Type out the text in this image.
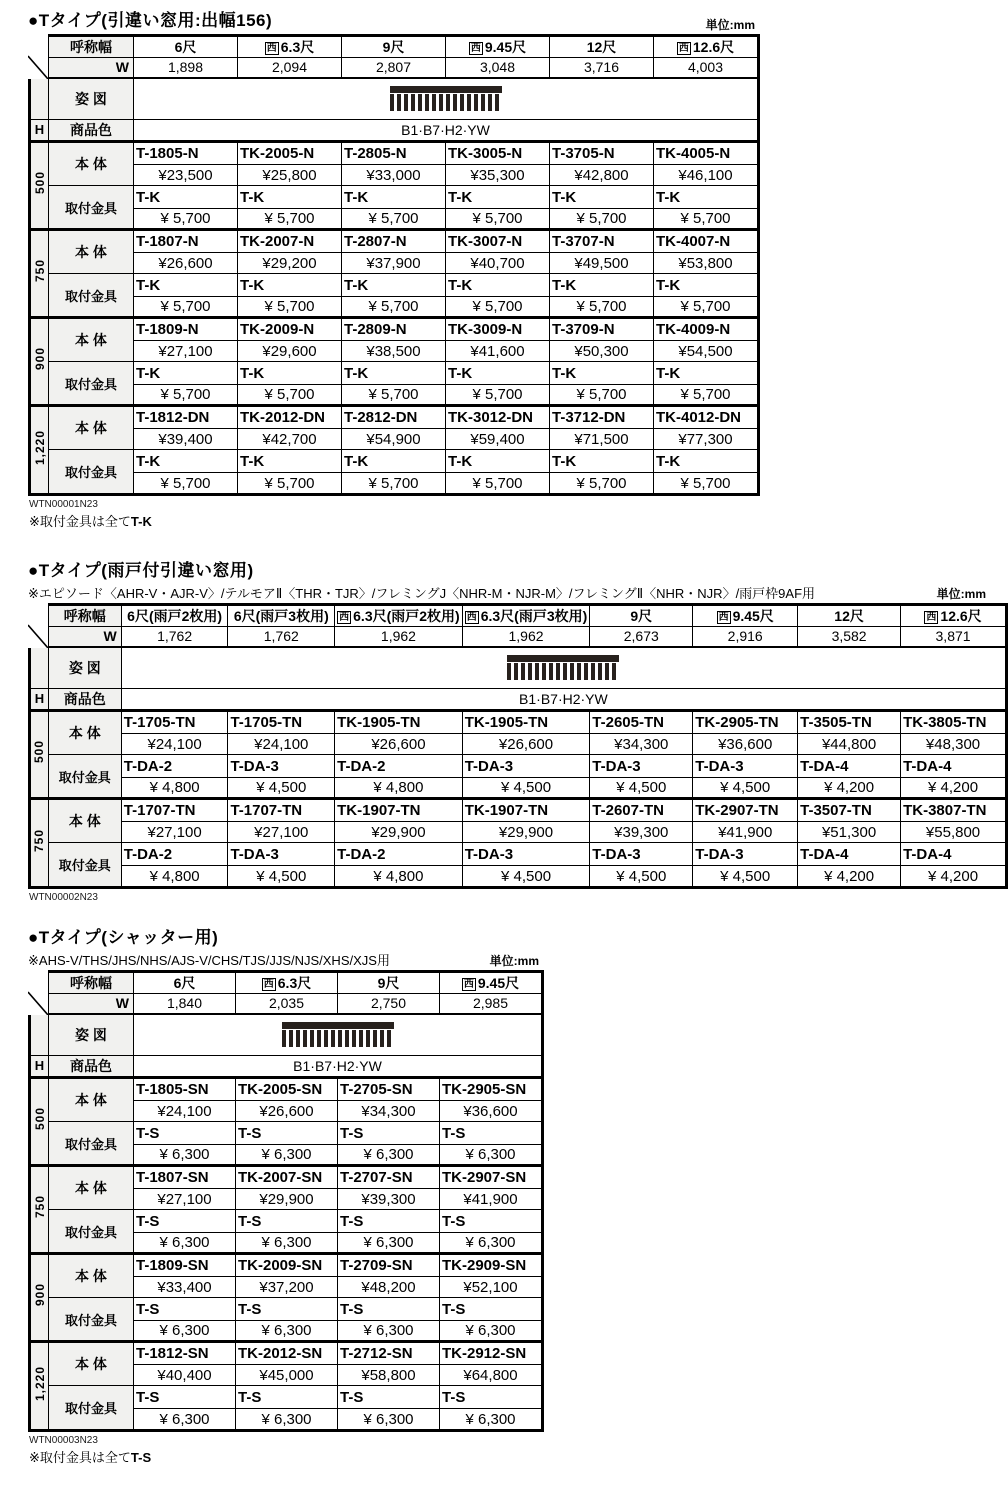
●Tタイプ(引違い窓用:出幅156)	単位:mm
	呼称幅	6尺	西 6.3尺	9尺	西 9.45尺	12尺	西 12.6尺
	W	1,898	2,094	2,807	3,048	3,716	4,003
	姿 図						

H	商品色	B1·B7·H2·YW					
500	本 体	T-1805-N	TK-2005-N	T-2805-N	TK-3005-N	T-3705-N	TK-4005-N
		¥23,500	¥25,800	¥33,000	¥35,300	¥42,800	¥46,100
	取付金具	T-K	T-K	T-K	T-K	T-K	T-K
		¥ 5,700	¥ 5,700	¥ 5,700	¥ 5,700	¥ 5,700	¥ 5,700
750	本 体	T-1807-N	TK-2007-N	T-2807-N	TK-3007-N	T-3707-N	TK-4007-N
		¥26,600	¥29,200	¥37,900	¥40,700	¥49,500	¥53,800
	取付金具	T-K	T-K	T-K	T-K	T-K	T-K
		¥ 5,700	¥ 5,700	¥ 5,700	¥ 5,700	¥ 5,700	¥ 5,700
900	本 体	T-1809-N	TK-2009-N	T-2809-N	TK-3009-N	T-3709-N	TK-4009-N
		¥27,100	¥29,600	¥38,500	¥41,600	¥50,300	¥54,500
	取付金具	T-K	T-K	T-K	T-K	T-K	T-K
		¥ 5,700	¥ 5,700	¥ 5,700	¥ 5,700	¥ 5,700	¥ 5,700
1,220	本 体	T-1812-DN	TK-2012-DN	T-2812-DN	TK-3012-DN	T-3712-DN	TK-4012-DN
		¥39,400	¥42,700	¥54,900	¥59,400	¥71,500	¥77,300
	取付金具	T-K	T-K	T-K	T-K	T-K	T-K
		¥ 5,700	¥ 5,700	¥ 5,700	¥ 5,700	¥ 5,700	¥ 5,700
WTN00001N23
※取付金具は全てT-K
●Tタイプ(雨戸付引違い窓用)
※エピソード〈AHR-V・AJR-V〉/テルモアⅡ〈THR・TJR〉/フレミングJ〈NHR-M・NJR-M〉/フレミングⅡ〈NHR・NJR〉/雨戸枠9AF用	単位:mm
	呼称幅	6尺(雨戸2枚用)	6尺(雨戸3枚用)	西 6.3尺(雨戸2枚用)	西 6.3尺(雨戸3枚用)	9尺	西 9.45尺	12尺	西 12.6尺
	W	1,762	1,762	1,962	1,962	2,673	2,916	3,582	3,871
	姿 図								

H	商品色	B1·B7·H2·YW							
500	本 体	T-1705-TN	T-1705-TN	TK-1905-TN	TK-1905-TN	T-2605-TN	TK-2905-TN	T-3505-TN	TK-3805-TN
		¥24,100	¥24,100	¥26,600	¥26,600	¥34,300	¥36,600	¥44,800	¥48,300
	取付金具	T-DA-2	T-DA-3	T-DA-2	T-DA-3	T-DA-3	T-DA-3	T-DA-4	T-DA-4
		¥ 4,800	¥ 4,500	¥ 4,800	¥ 4,500	¥ 4,500	¥ 4,500	¥ 4,200	¥ 4,200
750	本 体	T-1707-TN	T-1707-TN	TK-1907-TN	TK-1907-TN	T-2607-TN	TK-2907-TN	T-3507-TN	TK-3807-TN
		¥27,100	¥27,100	¥29,900	¥29,900	¥39,300	¥41,900	¥51,300	¥55,800
	取付金具	T-DA-2	T-DA-3	T-DA-2	T-DA-3	T-DA-3	T-DA-3	T-DA-4	T-DA-4
		¥ 4,800	¥ 4,500	¥ 4,800	¥ 4,500	¥ 4,500	¥ 4,500	¥ 4,200	¥ 4,200
WTN00002N23
●Tタイプ(シャッター用)
※AHS-V/THS/JHS/NHS/AJS-V/CHS/TJS/JJS/NJS/XHS/XJS用	単位:mm
	呼称幅	6尺	西 6.3尺	9尺	西 9.45尺
	W	1,840	2,035	2,750	2,985
	姿 図				

H	商品色	B1·B7·H2·YW			
500	本 体	T-1805-SN	TK-2005-SN	T-2705-SN	TK-2905-SN
		¥24,100	¥26,600	¥34,300	¥36,600
	取付金具	T-S	T-S	T-S	T-S
		¥ 6,300	¥ 6,300	¥ 6,300	¥ 6,300
750	本 体	T-1807-SN	TK-2007-SN	T-2707-SN	TK-2907-SN
		¥27,100	¥29,900	¥39,300	¥41,900
	取付金具	T-S	T-S	T-S	T-S
		¥ 6,300	¥ 6,300	¥ 6,300	¥ 6,300
900	本 体	T-1809-SN	TK-2009-SN	T-2709-SN	TK-2909-SN
		¥33,400	¥37,200	¥48,200	¥52,100
	取付金具	T-S	T-S	T-S	T-S
		¥ 6,300	¥ 6,300	¥ 6,300	¥ 6,300
1,220	本 体	T-1812-SN	TK-2012-SN	T-2712-SN	TK-2912-SN
		¥40,400	¥45,000	¥58,800	¥64,800
	取付金具	T-S	T-S	T-S	T-S
		¥ 6,300	¥ 6,300	¥ 6,300	¥ 6,300
WTN00003N23
※取付金具は全てT-S
